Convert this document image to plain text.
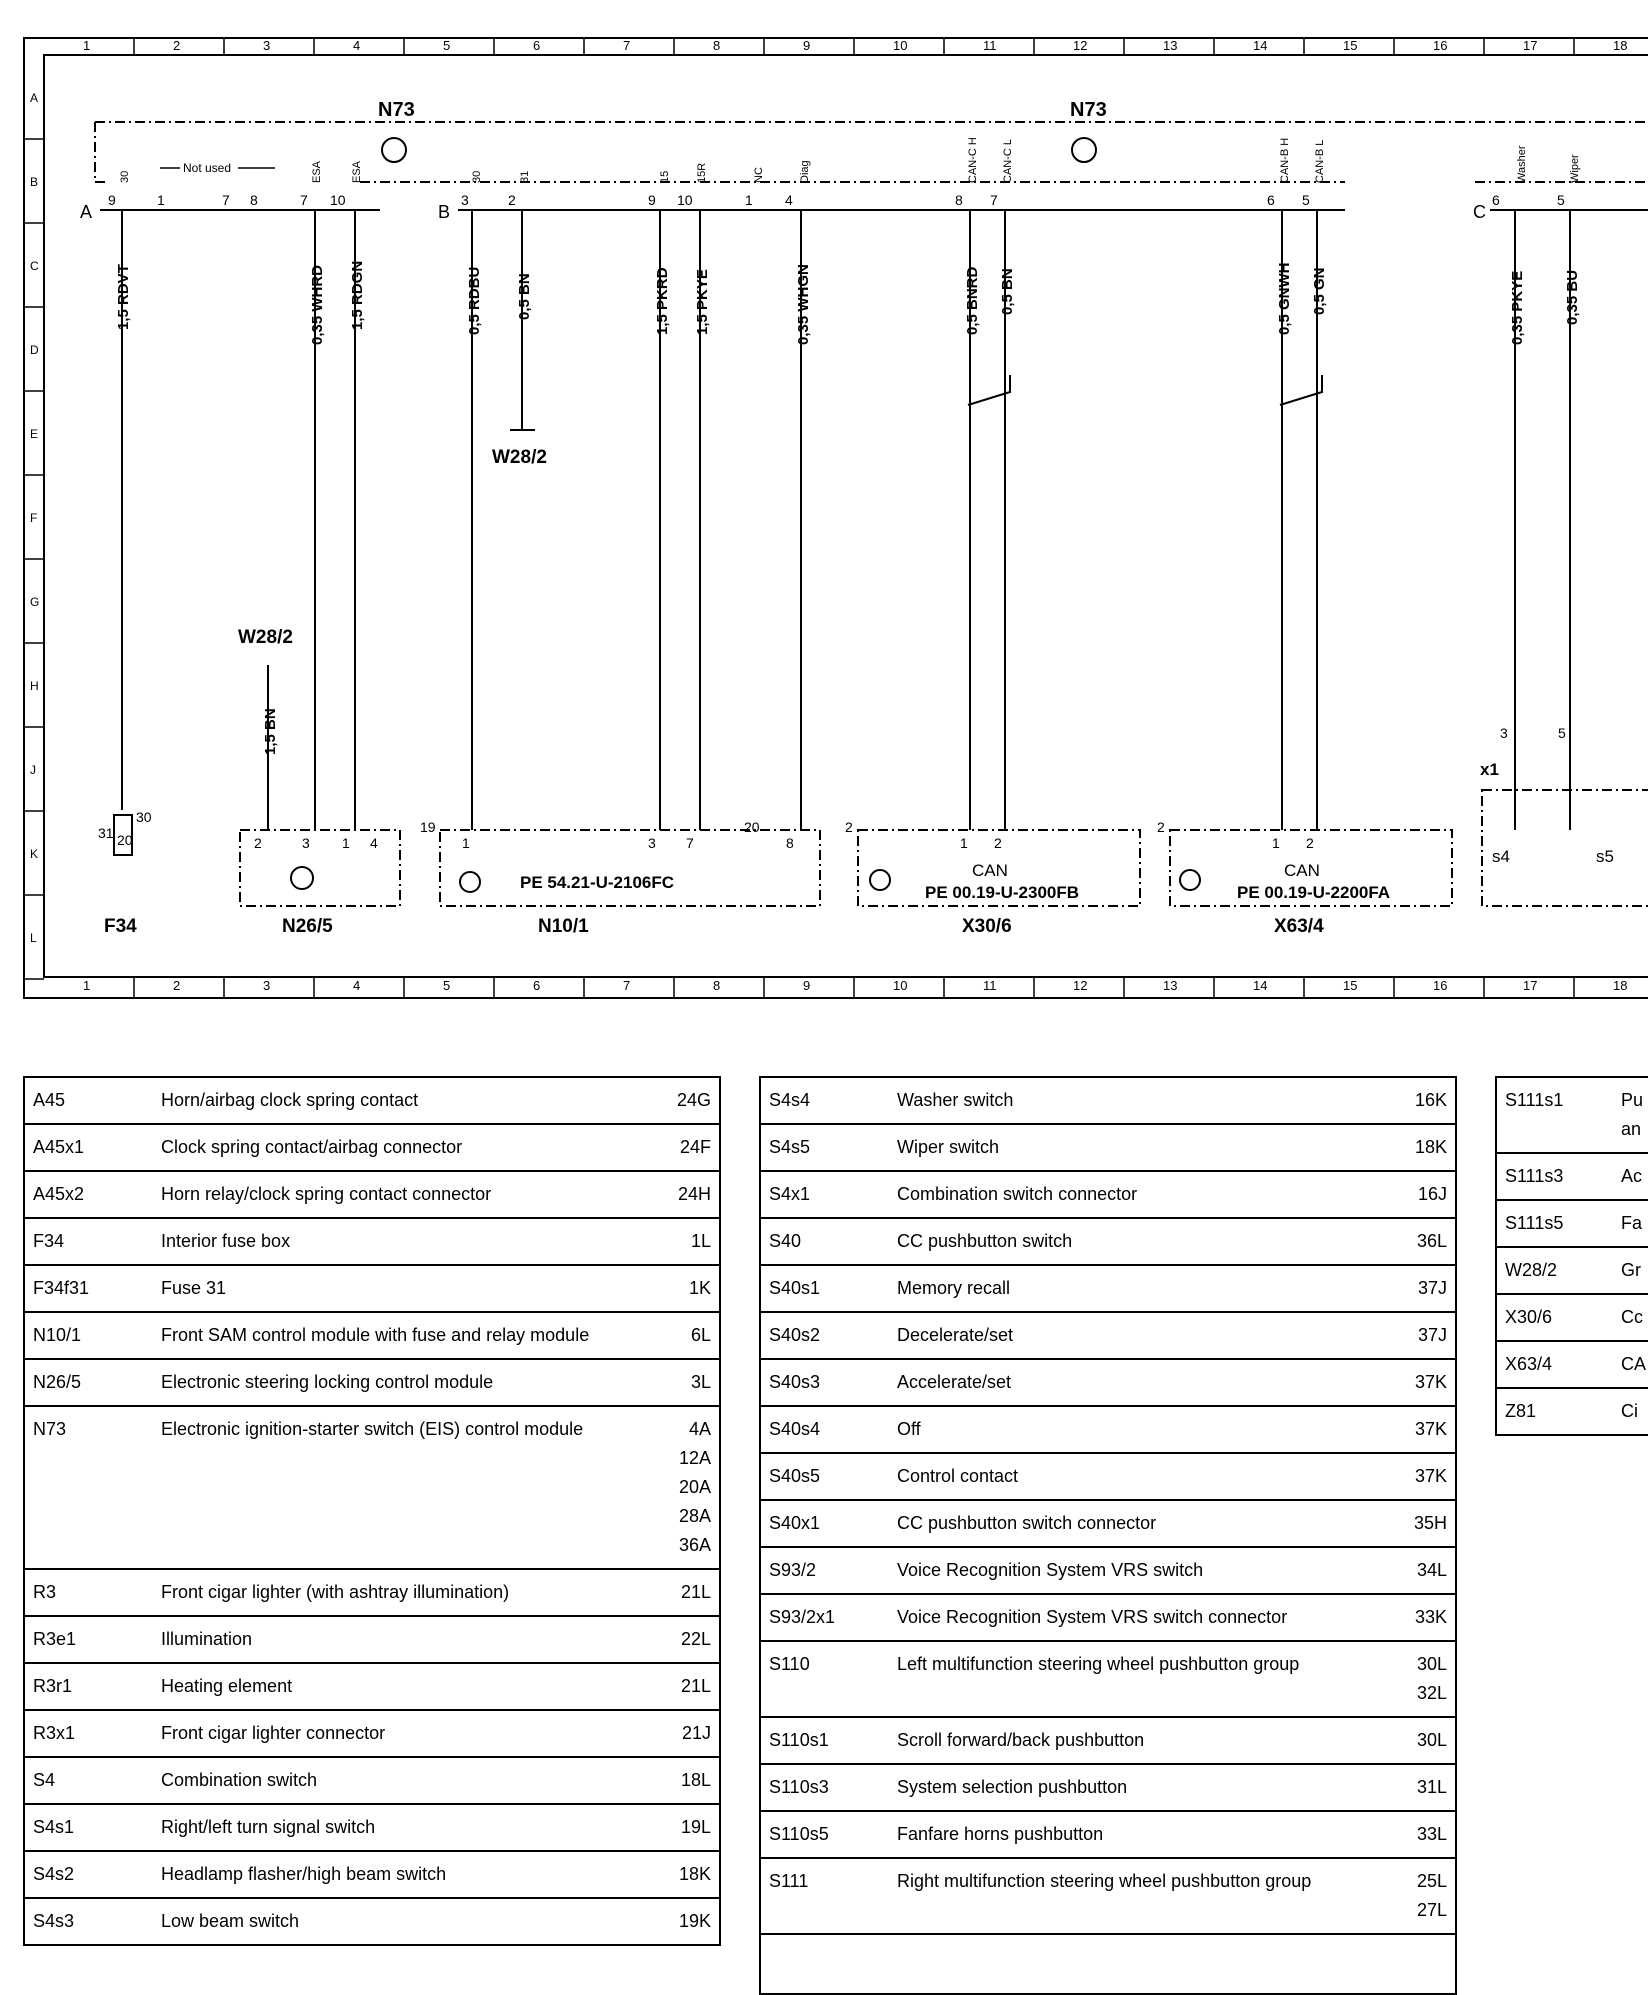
1
1
2
2
3
3
4
4
5
5
6
6
7
7
8
8
9
9
10
10
11
11
12
12
13
13
14
14
15
15
16
16
17
17
18
18
A
B
C
D
E
F
G
H
J
K
L
A	B	C
N73	N73
9	1	7 8	7 10
Not used
30	ESA	ESA
3	2	9 10	1 4	8 7	6 5
30	31	15 15R	NC	Diag	CAN-C H CAN-C L	CAN-B H CAN-B L
6	5
Washer	Wiper
1,5 RDVT	0,35 WHRD 1,5 RDGN	0,5 RDBU 0,5 BN	1,5 PKRD 1,5 PKYE	0,35 WHGN	0,5 BNRD 0,5 BN	0,5 GNWH 0,5 GN	0,35 PKYE	0,35 BU
1,5 BN
W28/2
W28/2
31
30
20	2	3 1 4	1	3 7	8	1 2	1 2
3	5
19	20	2	2
PE 54.21-U-2106FC
PE 00.19-U-2300FB	PE 00.19-U-2200FA
CAN	CAN
s4	s5
x1
F34	N26/5	N10/1	X30/6	X63/4
A45	Horn/airbag clock spring contact	24G

A45x1	Clock spring contact/airbag connector	24F

A45x2	Horn relay/clock spring contact connector	24H

F34	Interior fuse box	1L

F34f31	Fuse 31	1K

N10/1	Front SAM control module with fuse and relay module	6L

N26/5	Electronic steering locking control module	3L

N73	Electronic ignition-starter switch (EIS) control module	4A
12A
20A
28A
36A

R3	Front cigar lighter (with ashtray illumination)	21L

R3e1	Illumination	22L

R3r1	Heating element	21L

R3x1	Front cigar lighter connector	21J

S4	Combination switch	18L

S4s1	Right/left turn signal switch	19L

S4s2	Headlamp flasher/high beam switch	18K

S4s3	Low beam switch	19K
S4s4	Washer switch	16K

S4s5	Wiper switch	18K

S4x1	Combination switch connector	16J

S40	CC pushbutton switch	36L

S40s1	Memory recall	37J

S40s2	Decelerate/set	37J

S40s3	Accelerate/set	37K

S40s4	Off	37K

S40s5	Control contact	37K

S40x1	CC pushbutton switch connector	35H

S93/2	Voice Recognition System VRS switch	34L

S93/2x1	Voice Recognition System VRS switch connector	33K

S110	Left multifunction steering wheel pushbutton group	30L
32L

S110s1	Scroll forward/back pushbutton	30L

S110s3	System selection pushbutton	31L

S110s5	Fanfare horns pushbutton	33L

S111	Right multifunction steering wheel pushbutton group	25L
27L

S111s1	Pu an
S111s3	Ac
S111s5	Fa
W28/2	Gr
X30/6	Cc
X63/4	CA
Z81	Ci
